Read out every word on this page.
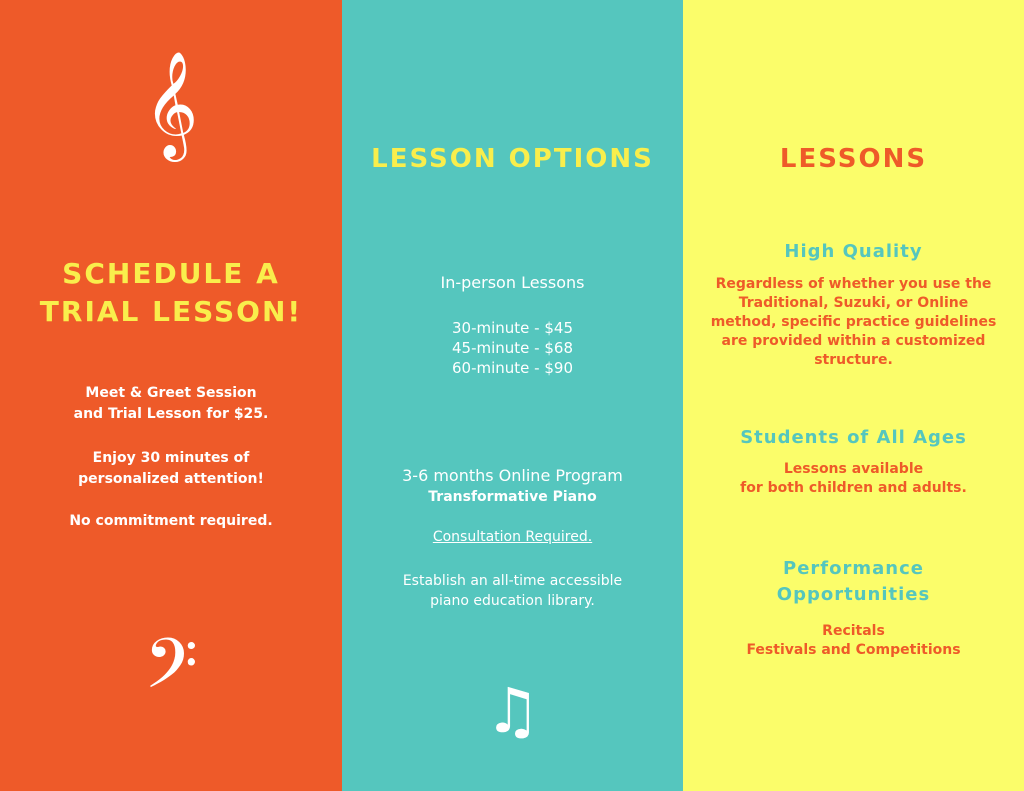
𝄞
SCHEDULE A
TRIAL LESSON!
Meet & Greet Session
and Trial Lesson for $25.
Enjoy 30 minutes of
personalized attention!
No commitment required.
𝄢
LESSON OPTIONS
In-person Lessons
30-minute - $45
45-minute - $68
60-minute - $90
3-6 months Online Program
Transformative Piano
Consultation Required.
Establish an all-time accessible
piano education library.
♫
LESSONS
High Quality
Regardless of whether you use the
Traditional, Suzuki, or Online
method, specific practice guidelines
are provided within a customized
structure.
Students of All Ages
Lessons available
for both children and adults.
Performance
Opportunities
Recitals
Festivals and Competitions
